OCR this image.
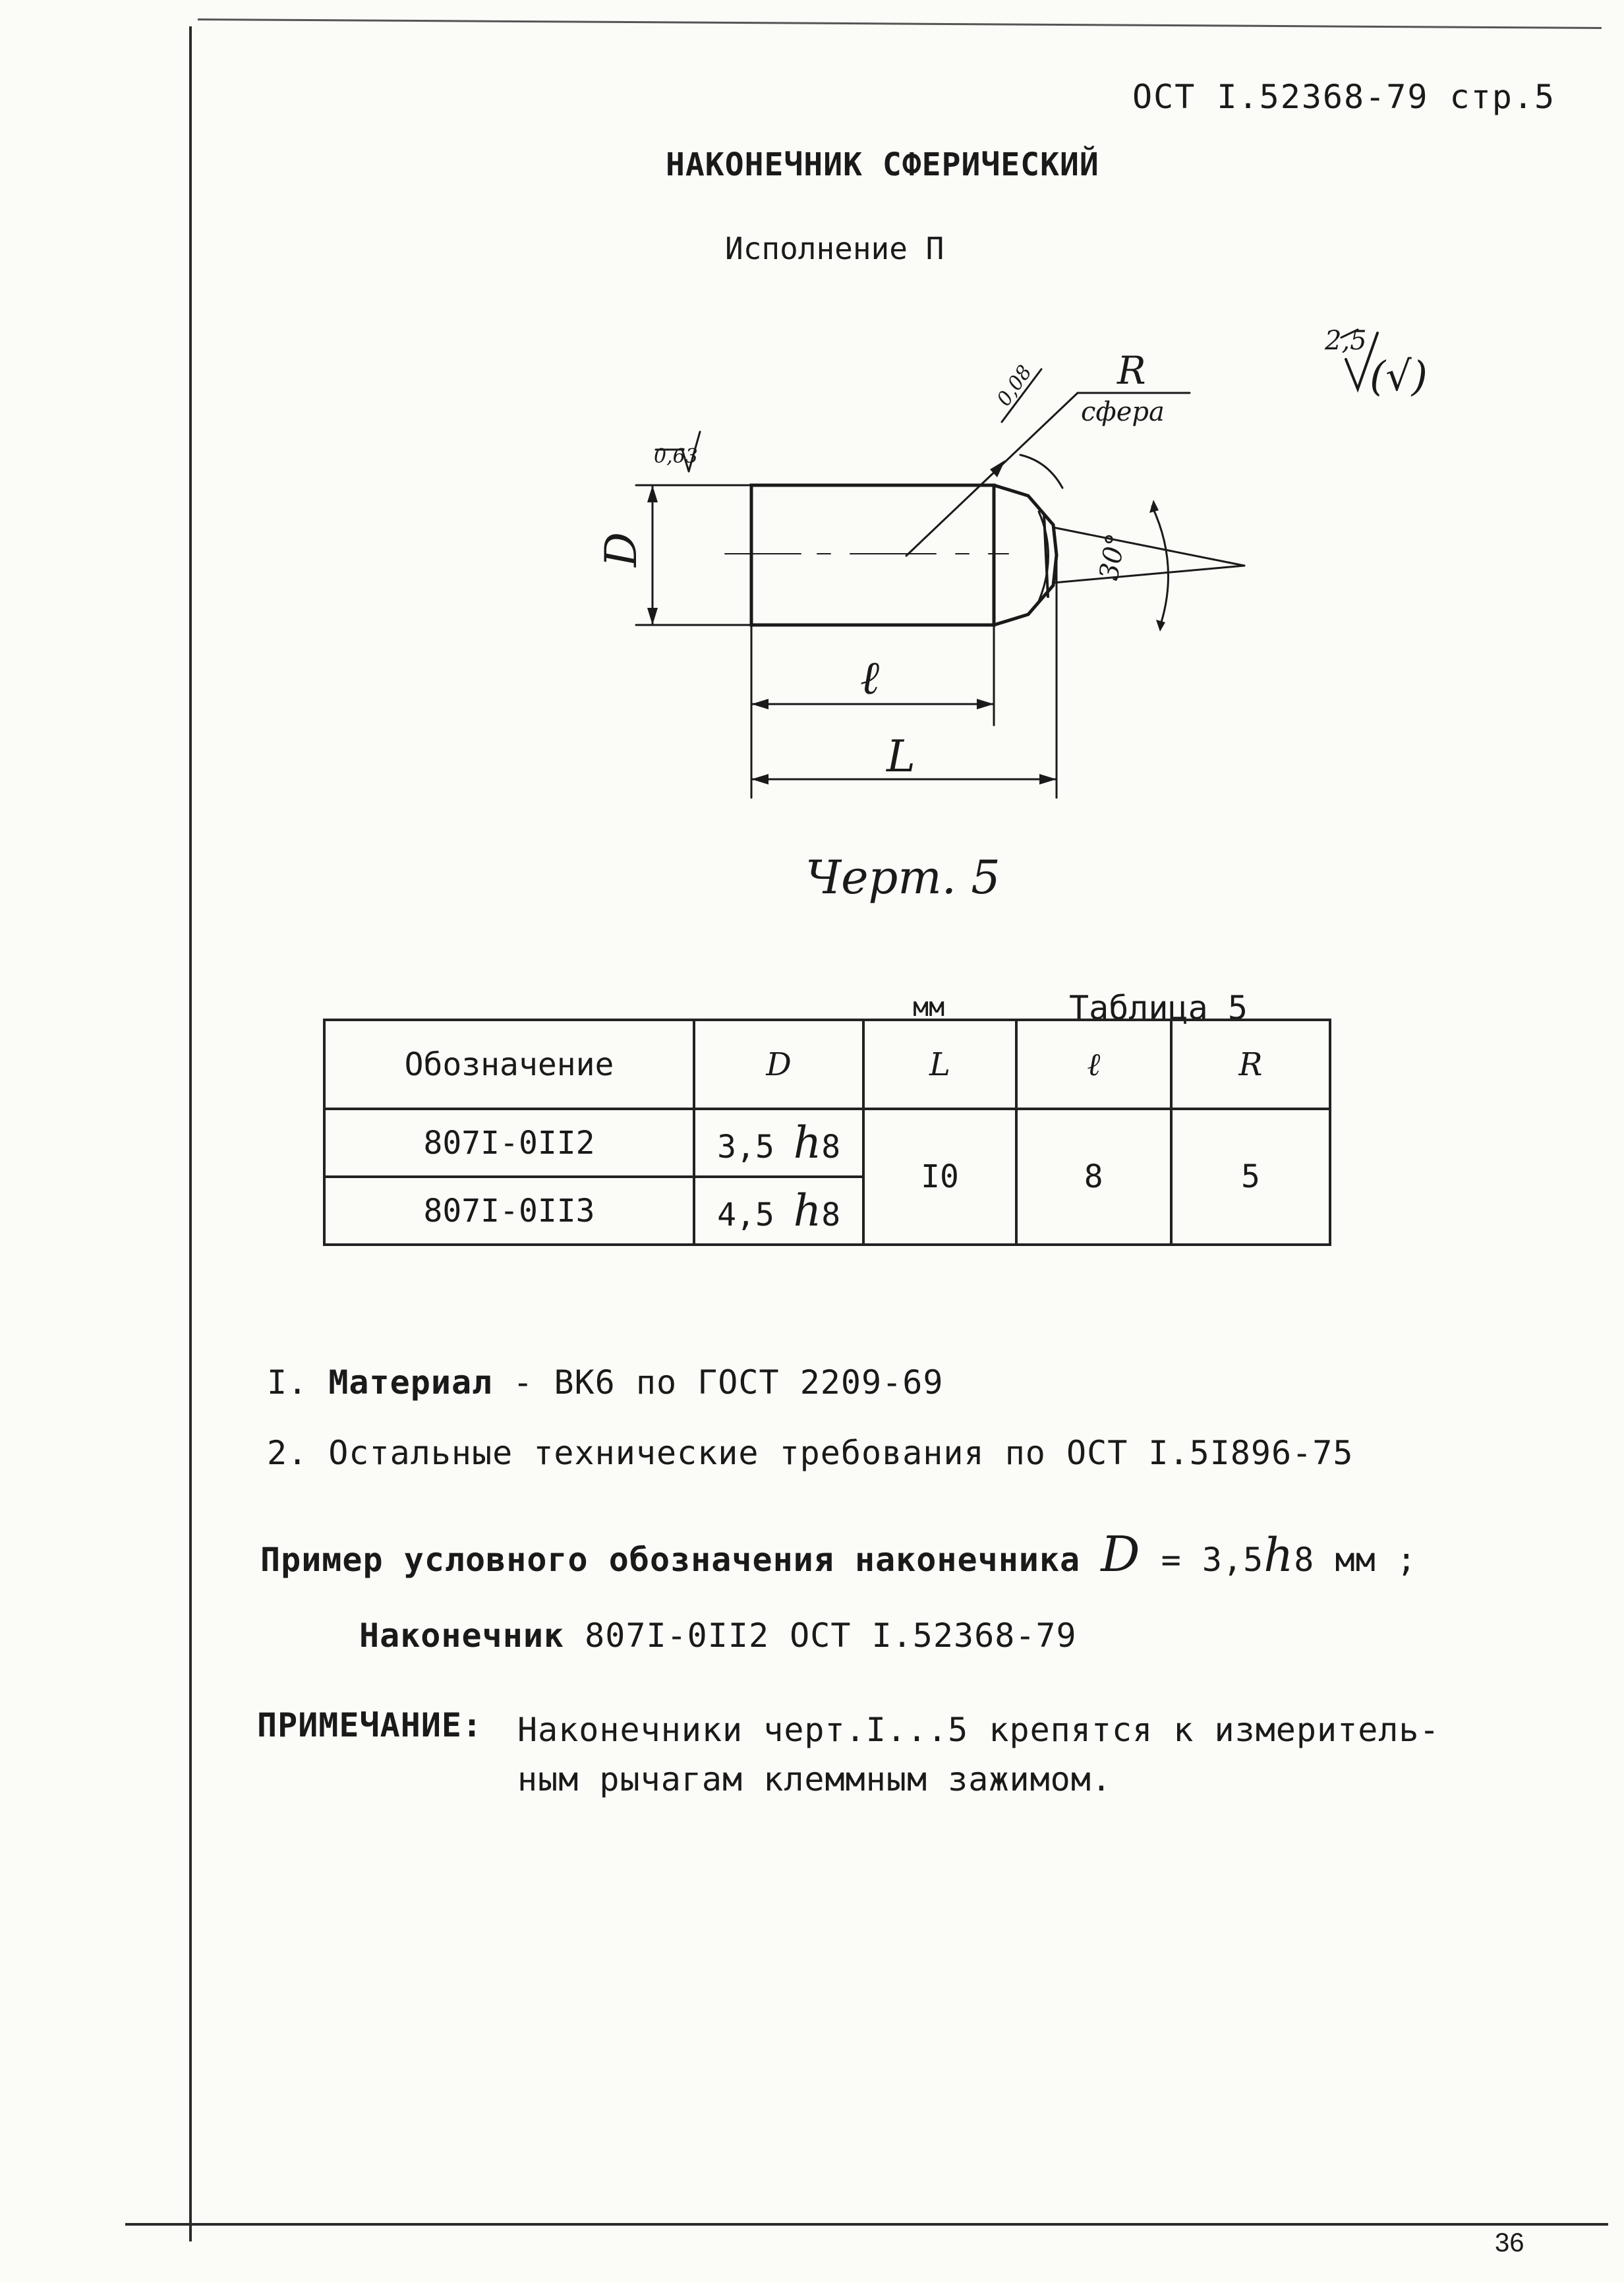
ОСТ I.52368-79 стр.5
НАКОНЕЧНИК СФЕРИЧЕСКИЙ
Исполнение П
0,08 R
сфера
30°
D
0,63
ℓ
L
2,5
(√)
Черт. 5
мм	Таблица 5
Обозначение	D	L	ℓ	R
807I-0II2	3,5 h8	I0	8	5
807I-0II3	4,5 h8			
I. Материал - ВК6 по ГОСТ 2209-69
2. Остальные технические требования по ОСТ I.5I896-75
Пример условного обозначения наконечника D = 3,5h8 мм ;
Наконечник 807I-0II2 ОСТ I.52368-79
ПРИМЕЧАНИЕ: Наконечники черт.I...5 крепятся к измеритель-
ным рычагам клеммным зажимом.
36
